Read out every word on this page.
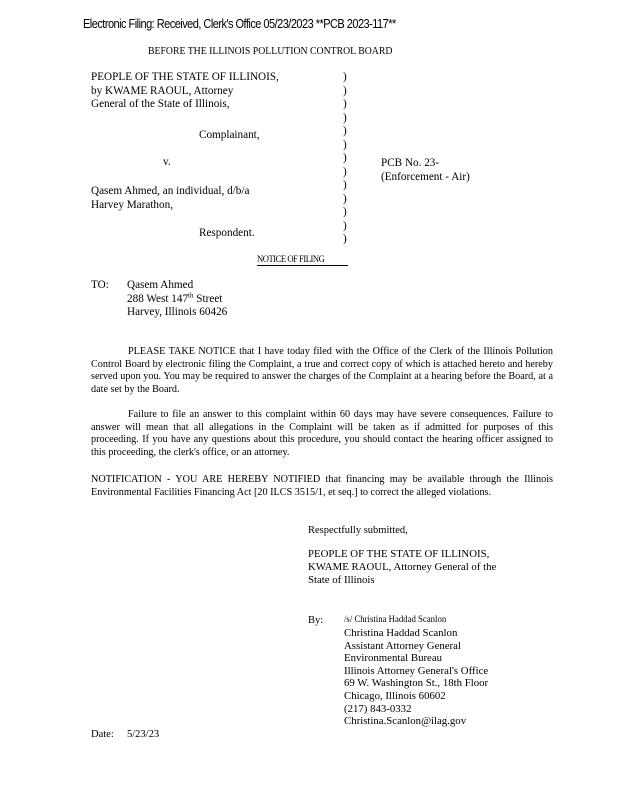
Electronic Filing: Received, Clerk's Office 05/23/2023 **PCB 2023-117**
BEFORE THE ILLINOIS POLLUTION CONTROL BOARD
PEOPLE OF THE STATE OF ILLINOIS,
by KWAME RAOUL, Attorney
General of the State of Illinois,
Complainant,
v.
Qasem Ahmed, an individual, d/b/a
Harvey Marathon,
Respondent.
)
)
)
)
)
)
)
)
)
)
)
)
)
PCB No. 23-
(Enforcement - Air)
NOTICE OF FILING
TO: Qasem Ahmed
288 West 147th Street
Harvey, Illinois 60426
PLEASE TAKE NOTICE that I have today filed with the Office of the Clerk of the Illinois Pollution Control Board by electronic filing the Complaint, a true and correct copy of which is attached hereto and hereby served upon you. You may be required to answer the charges of the Complaint at a hearing before the Board, at a date set by the Board.
Failure to file an answer to this complaint within 60 days may have severe consequences. Failure to answer will mean that all allegations in the Complaint will be taken as if admitted for purposes of this proceeding. If you have any questions about this procedure, you should contact the hearing officer assigned to this proceeding, the clerk's office, or an attorney.
NOTIFICATION - YOU ARE HEREBY NOTIFIED that financing may be available through the Illinois Environmental Facilities Financing Act [20 ILCS 3515/1, et seq.] to correct the alleged violations.
Respectfully submitted,
PEOPLE OF THE STATE OF ILLINOIS,
KWAME RAOUL, Attorney General of the
State of Illinois
By: /s/ Christina Haddad Scanlon
Christina Haddad Scanlon
Assistant Attorney General
Environmental Bureau
Illinois Attorney General's Office
69 W. Washington St., 18th Floor
Chicago, Illinois 60602
(217) 843-0332
Christina.Scanlon@ilag.gov
Date: 5/23/23
